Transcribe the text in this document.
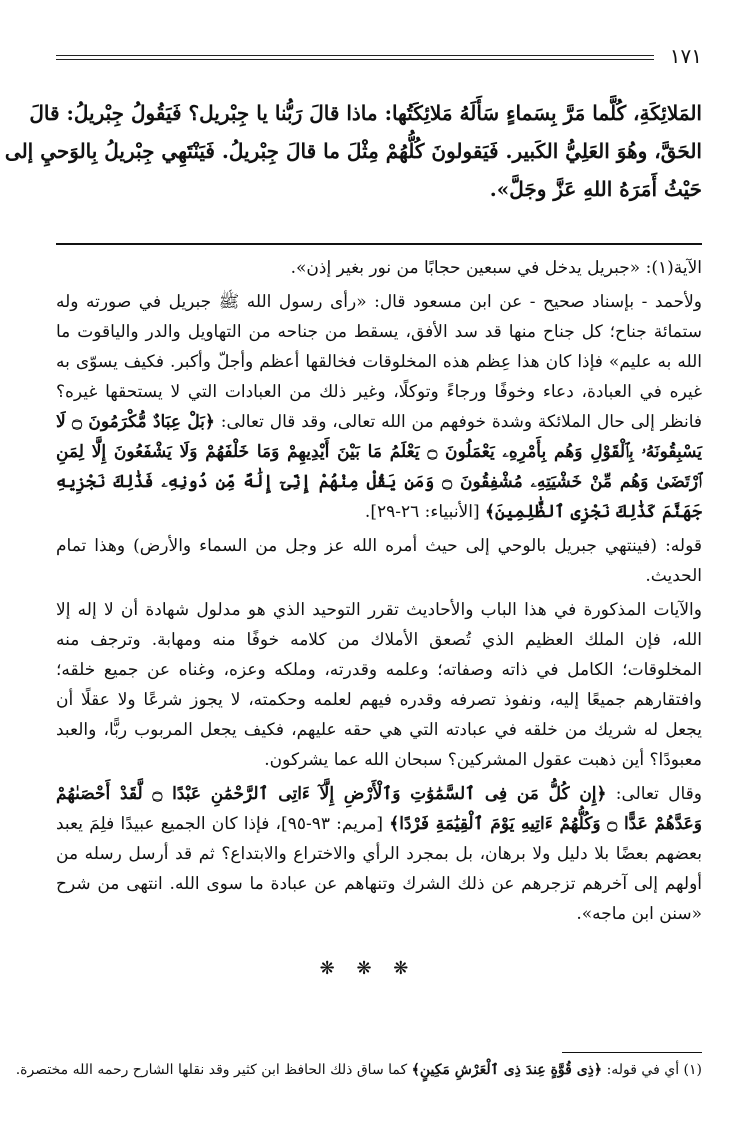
١٧١
المَلائِكَةِ، كُلَّما مَرَّ بِسَماءٍ سَأَلَهُ مَلائِكَتُها: ماذا قالَ رَبُّنا يا جِبْريل؟ فَيَقُولُ جِبْريلُ: قالَ
الحَقَّ، وهُوَ العَلِيُّ الكَبير. فَيَقولونَ كُلُّهُمْ مِثْلَ ما قالَ جِبْريلُ. فَيَنْتَهِي جِبْريلُ بِالوَحيِ إلى
حَيْثُ أَمَرَهُ اللهِ عَزَّ وجَلَّ».

الآية(١): «جبريل يدخل في سبعين حجابًا من نور بغير إذن».

ولأحمد - بإسناد صحيح - عن ابن مسعود قال: «رأى رسول الله ﷺ جبريل في صورته وله ستمائة جناح؛ كل جناح منها قد سد الأفق، يسقط من جناحه من التهاويل والدر والياقوت ما الله به عليم» فإذا كان هذا عِظم هذه المخلوقات فخالقها أعظم وأجلّ وأكبر. فكيف يسوّى به غيره في العبادة، دعاء وخوفًا ورجاءً وتوكلًا، وغير ذلك من العبادات التي لا يستحقها غيره؟ فانظر إلى حال الملائكة وشدة خوفهم من الله تعالى، وقد قال تعالى: ﴿بَلْ عِبَادٌ مُّكْرَمُونَ ۝ لَا يَسْبِقُونَهُۥ بِٱلْقَوْلِ وَهُم بِأَمْرِهِۦ يَعْمَلُونَ ۝ يَعْلَمُ مَا بَيْنَ أَيْدِيهِمْ وَمَا خَلْفَهُمْ وَلَا يَشْفَعُونَ إِلَّا لِمَنِ ٱرْتَضَىٰ وَهُم مِّنْ خَشْيَتِهِۦ مُشْفِقُونَ ۝ وَمَن يَقُلْ مِنْهُمْ إِنِّىٓ إِلَٰهٌ مِّن دُونِهِۦ فَذَٰلِكَ نَجْزِيهِ جَهَنَّمَ كَذَٰلِكَ نَجْزِى ٱلظَّٰلِمِينَ﴾ [الأنبياء: ٢٦-٢٩].

قوله: (فينتهي جبريل بالوحي إلى حيث أمره الله عز وجل من السماء والأرض) وهذا تمام الحديث.

والآيات المذكورة في هذا الباب والأحاديث تقرر التوحيد الذي هو مدلول شهادة أن لا إله إلا الله، فإن الملك العظيم الذي تُصعق الأملاك من كلامه خوفًا منه ومهابة. وترجف منه المخلوقات؛ الكامل في ذاته وصفاته؛ وعلمه وقدرته، وملكه وعزه، وغناه عن جميع خلقه؛ وافتقارهم جميعًا إليه، ونفوذ تصرفه وقدره فيهم لعلمه وحكمته، لا يجوز شرعًا ولا عقلًا أن يجعل له شريك من خلقه في عبادته التي هي حقه عليهم، فكيف يجعل المربوب ربًّا، والعبد معبودًا؟ أين ذهبت عقول المشركين؟ سبحان الله عما يشركون.

وقال تعالى: ﴿إِن كُلُّ مَن فِى ٱلسَّمَٰوَٰتِ وَٱلْأَرْضِ إِلَّآ ءَاتِى ٱلرَّحْمَٰنِ عَبْدًا ۝ لَّقَدْ أَحْصَىٰهُمْ وَعَدَّهُمْ عَدًّا ۝ وَكُلُّهُمْ ءَاتِيهِ يَوْمَ ٱلْقِيَٰمَةِ فَرْدًا﴾ [مريم: ٩٣-٩٥]، فإذا كان الجميع عبيدًا فلِمَ يعبد بعضهم بعضًا بلا دليل ولا برهان، بل بمجرد الرأي والاختراع والابتداع؟ ثم قد أرسل رسله من أولهم إلى آخرهم تزجرهم عن ذلك الشرك وتنهاهم عن عبادة ما سوى الله. انتهى من شرح «سنن ابن ماجه».

❋ ❋ ❋
(١) أي في قوله: ﴿ذِى قُوَّةٍ عِندَ ذِى ٱلْعَرْشِ مَكِينٍ﴾ كما ساق ذلك الحافظ ابن كثير وقد نقلها الشارح رحمه الله مختصرة.
